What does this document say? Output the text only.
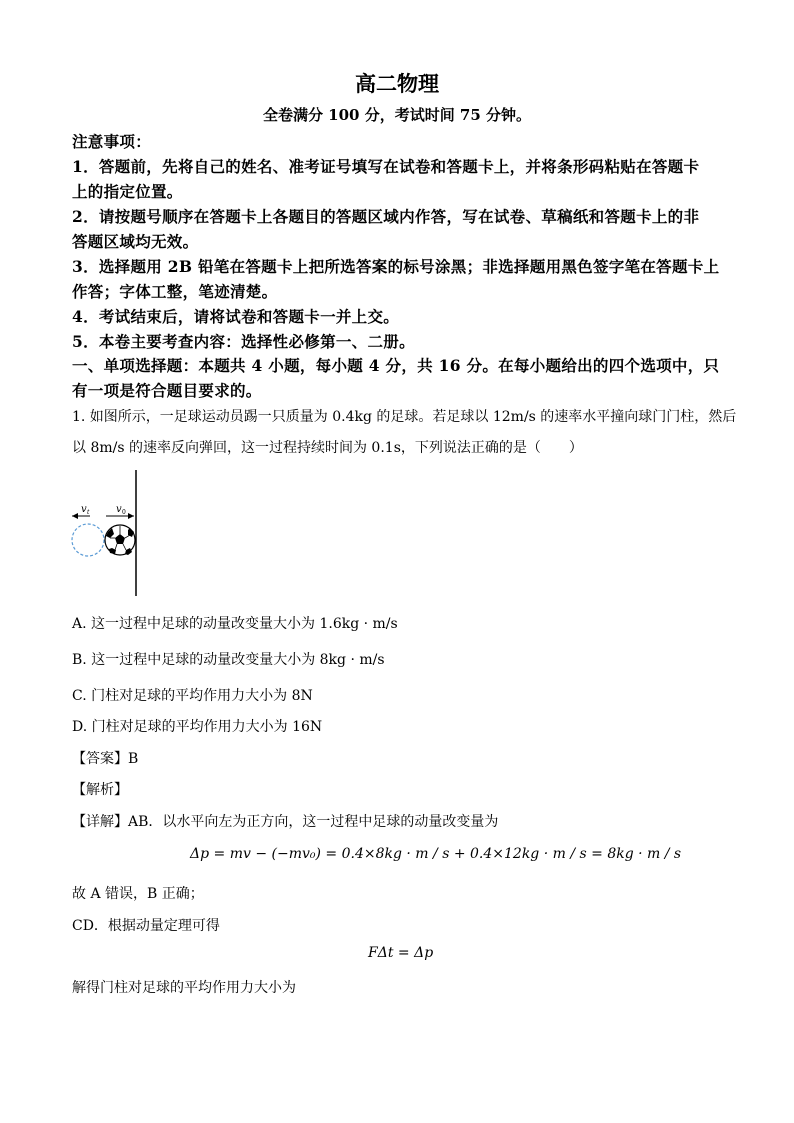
高二物理
全卷满分 100 分，考试时间 75 分钟。
注意事项：
1．答题前，先将自己的姓名、准考证号填写在试卷和答题卡上，并将条形码粘贴在答题卡
上的指定位置。
2．请按题号顺序在答题卡上各题目的答题区域内作答，写在试卷、草稿纸和答题卡上的非
答题区域均无效。
3．选择题用 2B 铅笔在答题卡上把所选答案的标号涂黑；非选择题用黑色签字笔在答题卡上
作答；字体工整，笔迹清楚。
4．考试结束后，请将试卷和答题卡一并上交。
5．本卷主要考查内容：选择性必修第一、二册。
一、单项选择题：本题共 4 小题，每小题 4 分，共 16 分。在每小题给出的四个选项中，只
有一项是符合题目要求的。
1. 如图所示，一足球运动员踢一只质量为 0.4kg 的足球。若足球以 12m/s 的速率水平撞向球门门柱，然后
以 8m/s 的速率反向弹回，这一过程持续时间为 0.1s，下列说法正确的是（　　）
v t	v 0
A. 这一过程中足球的动量改变量大小为 1.6kg · m/s
B. 这一过程中足球的动量改变量大小为 8kg · m/s
C. 门柱对足球的平均作用力大小为 8N
D. 门柱对足球的平均作用力大小为 16N
【答案】B
【解析】
【详解】AB．以水平向左为正方向，这一过程中足球的动量改变量为
Δp = mv − (−mv₀) = 0.4×8kg · m / s + 0.4×12kg · m / s = 8kg · m / s
故 A 错误，B 正确；
CD．根据动量定理可得
FΔt = Δp
解得门柱对足球的平均作用力大小为
